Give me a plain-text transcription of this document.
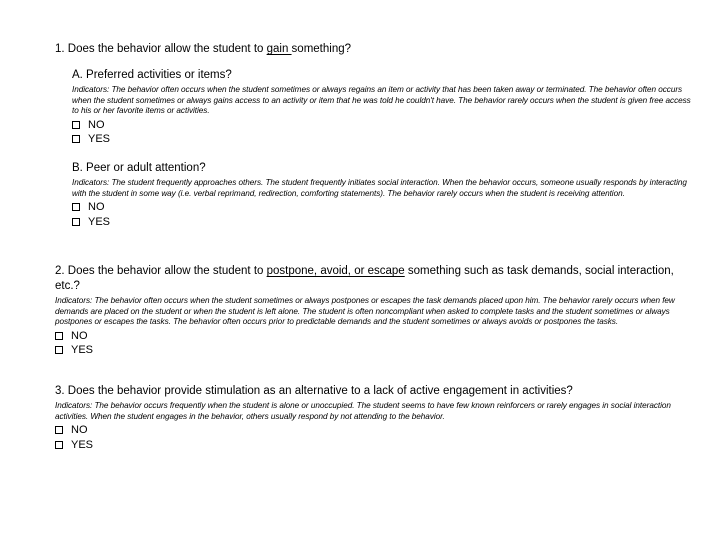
1. Does the behavior allow the student to gain something?

A. Preferred activities or items?

Indicators: The behavior often occurs when the student sometimes or always regains an item or activity that has been taken away or terminated. The behavior often occurs when the student sometimes or always gains access to an activity or item that he was told he couldn't have. The behavior rarely occurs when the student is given free access to his or her favorite items or activities.

NO
YES

B. Peer or adult attention?

Indicators: The student frequently approaches others. The student frequently initiates social interaction. When the behavior occurs, someone usually responds by interacting with the student in some way (i.e. verbal reprimand, redirection, comforting statements). The behavior rarely occurs when the student is receiving attention.

NO
YES

2. Does the behavior allow the student to postpone, avoid, or escape something such as task demands, social interaction, etc.?

Indicators: The behavior often occurs when the student sometimes or always postpones or escapes the task demands placed upon him. The behavior rarely occurs when few demands are placed on the student or when the student is left alone. The student is often noncompliant when asked to complete tasks and the student sometimes or always postpones or escapes the tasks. The behavior often occurs prior to predictable demands and the student sometimes or always avoids or postpones the tasks.

NO
YES

3. Does the behavior provide stimulation as an alternative to a lack of active engagement in activities?

Indicators: The behavior occurs frequently when the student is alone or unoccupied. The student seems to have few known reinforcers or rarely engages in social interaction activities. When the student engages in the behavior, others usually respond by not attending to the behavior.

NO
YES
